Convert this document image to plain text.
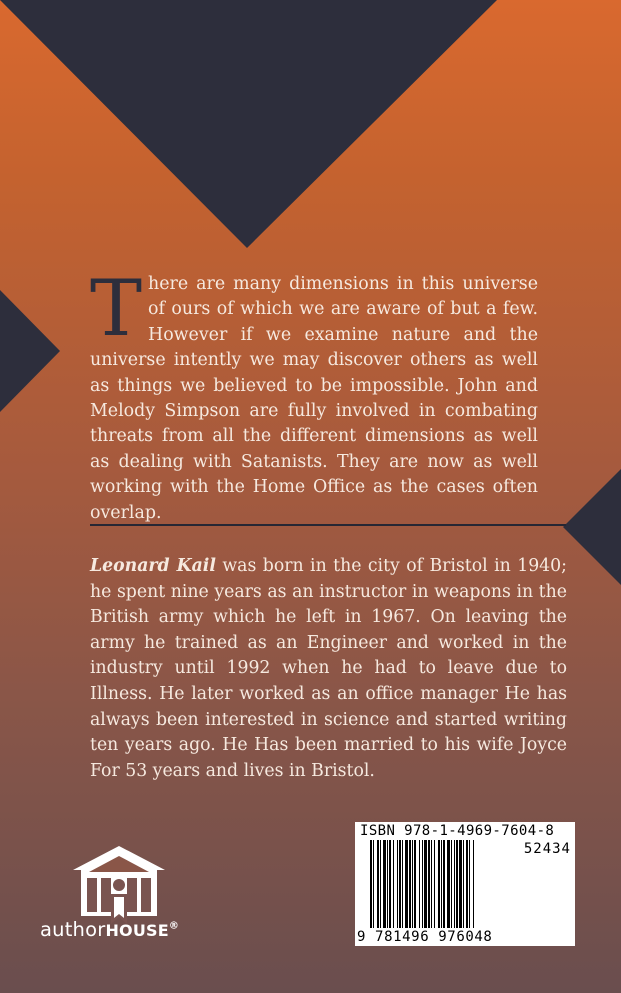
There are many dimensions in this universe of ours of which we are aware of but a few. However if we examine nature and the universe intently we may discover others as well as things we believed to be impossible. John and Melody Simpson are fully involved in combating threats from all the different dimensions as well as dealing with Satanists. They are now as well working with the Home Office as the cases often overlap.

Leonard Kail was born in the city of Bristol in 1940; he spent nine years as an instructor in weapons in the British army which he left in 1967. On leaving the army he trained as an Engineer and worked in the industry until 1992 when he had to leave due to Illness. He later worked as an office manager He has always been interested in science and started writing ten years ago. He Has been married to his wife Joyce For 53 years and lives in Bristol.

authorHOUSE®
ISBN 978-1-4969-7604-8
52434
9 781496 976048
